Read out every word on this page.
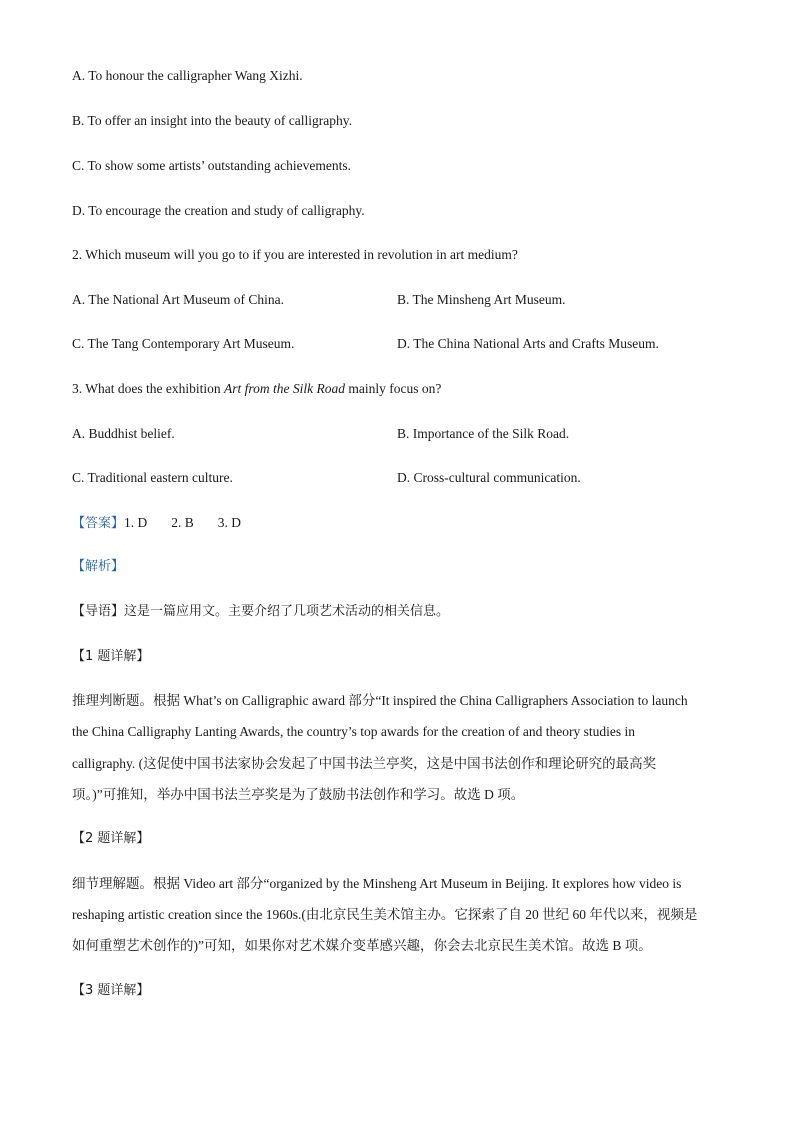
A. To honour the calligrapher Wang Xizhi.
B. To offer an insight into the beauty of calligraphy.
C. To show some artists’ outstanding achievements.
D. To encourage the creation and study of calligraphy.
2. Which museum will you go to if you are interested in revolution in art medium?
A. The National Art Museum of China.	B. The Minsheng Art Museum.
C. The Tang Contemporary Art Museum.	D. The China National Arts and Crafts Museum.
3. What does the exhibition Art from the Silk Road mainly focus on?
A. Buddhist belief.	B. Importance of the Silk Road.
C. Traditional eastern culture.	D. Cross-cultural communication.
【答案】1. D 2. B 3. D
【解析】
【导语】这是一篇应用文。主要介绍了几项艺术活动的相关信息。
【1 题详解】
推理判断题。根据 What’s on Calligraphic award 部分“It inspired the China Calligraphers Association to launch
the China Calligraphy Lanting Awards, the country’s top awards for the creation of and theory studies in
calligraphy. (这促使中国书法家协会发起了中国书法兰亭奖，这是中国书法创作和理论研究的最高奖
项。)”可推知，举办中国书法兰亭奖是为了鼓励书法创作和学习。故选 D 项。
【2 题详解】
细节理解题。根据 Video art 部分“organized by the Minsheng Art Museum in Beijing. It explores how video is
reshaping artistic creation since the 1960s.(由北京民生美术馆主办。它探索了自 20 世纪 60 年代以来，视频是
如何重塑艺术创作的)”可知，如果你对艺术媒介变革感兴趣，你会去北京民生美术馆。故选 B 项。
【3 题详解】
